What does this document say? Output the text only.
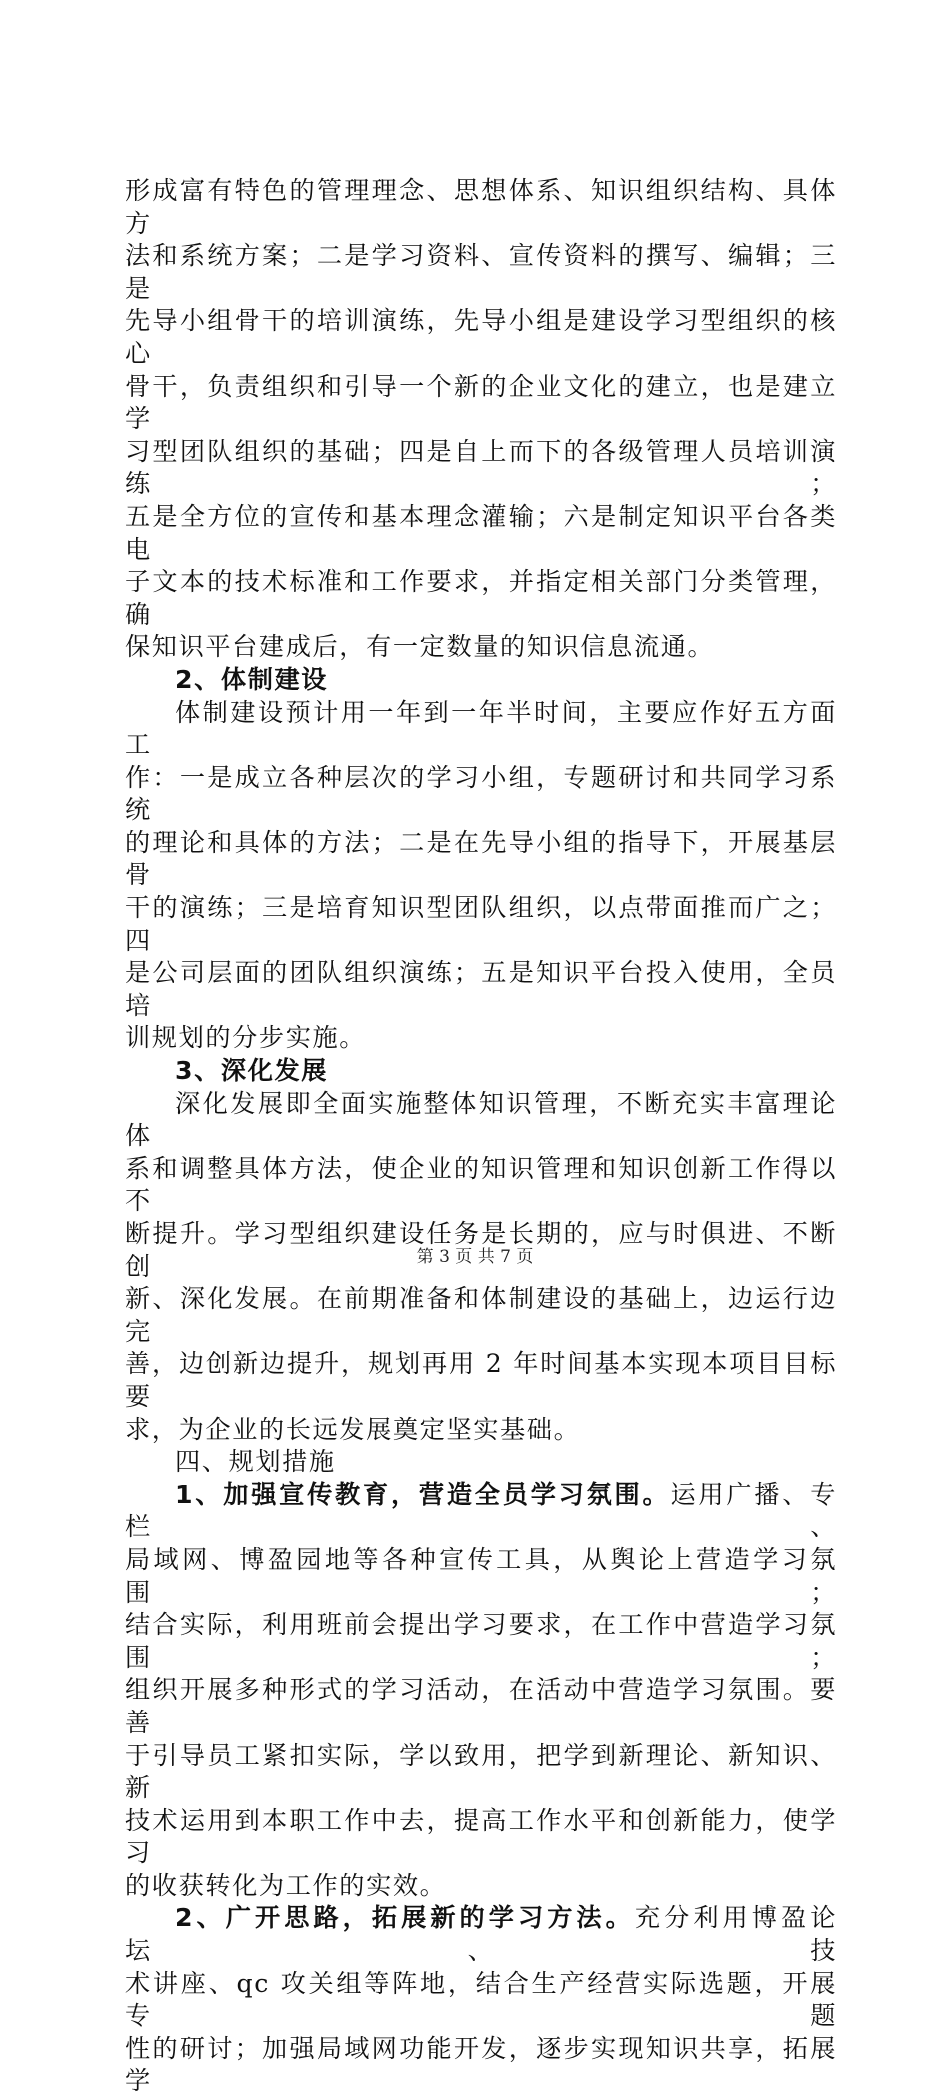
形成富有特色的管理理念、思想体系、知识组织结构、具体方

法和系统方案；二是学习资料、宣传资料的撰写、编辑；三是

先导小组骨干的培训演练，先导小组是建设学习型组织的核心

骨干，负责组织和引导一个新的企业文化的建立，也是建立学

习型团队组织的基础；四是自上而下的各级管理人员培训演练；

五是全方位的宣传和基本理念灌输；六是制定知识平台各类电

子文本的技术标准和工作要求，并指定相关部门分类管理，确

保知识平台建成后，有一定数量的知识信息流通。

2、体制建设

体制建设预计用一年到一年半时间，主要应作好五方面工

作：一是成立各种层次的学习小组，专题研讨和共同学习系统

的理论和具体的方法；二是在先导小组的指导下，开展基层骨

干的演练；三是培育知识型团队组织，以点带面推而广之；四

是公司层面的团队组织演练；五是知识平台投入使用，全员培

训规划的分步实施。

3、深化发展

深化发展即全面实施整体知识管理，不断充实丰富理论体

系和调整具体方法，使企业的知识管理和知识创新工作得以不

断提升。学习型组织建设任务是长期的，应与时俱进、不断创

新、深化发展。在前期准备和体制建设的基础上，边运行边完

善，边创新边提升，规划再用 2 年时间基本实现本项目目标要

求，为企业的长远发展奠定坚实基础。

四、规划措施

1、加强宣传教育，营造全员学习氛围。运用广播、专栏、

局域网、博盈园地等各种宣传工具，从舆论上营造学习氛围；

结合实际，利用班前会提出学习要求，在工作中营造学习氛围；

组织开展多种形式的学习活动，在活动中营造学习氛围。要善

于引导员工紧扣实际，学以致用，把学到新理论、新知识、新

技术运用到本职工作中去，提高工作水平和创新能力，使学习

的收获转化为工作的实效。

2、广开思路，拓展新的学习方法。充分利用博盈论坛、技

术讲座、qc 攻关组等阵地，结合生产经营实际选题，开展专题

性的研讨；加强局域网功能开发，逐步实现知识共享，拓展学

第 3 页 共 7 页
